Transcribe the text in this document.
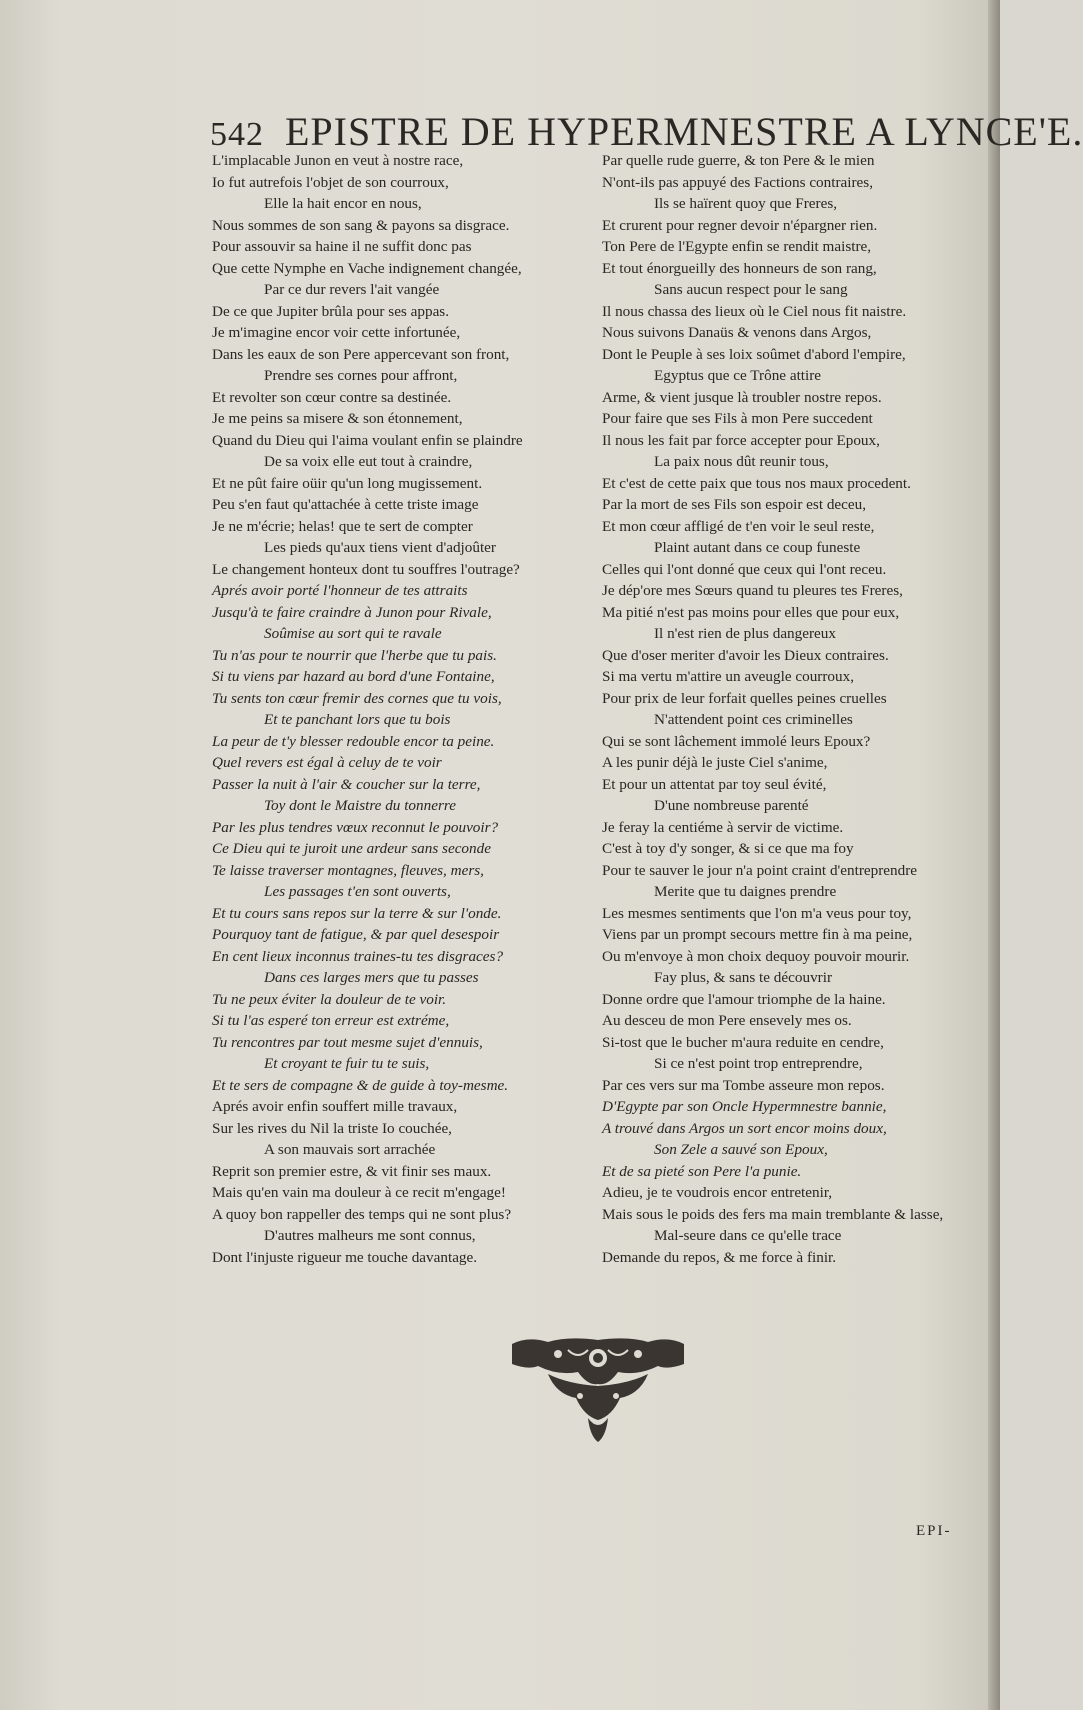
542 EPISTRE DE HYPERMNESTRE A LYNCE'E.
L'implacable Junon en veut à nostre race,
Io fut autrefois l'objet de son courroux,
Elle la hait encor en nous,
Nous sommes de son sang & payons sa disgrace.
Pour assouvir sa haine il ne suffit donc pas
Que cette Nymphe en Vache indignement changée,
Par ce dur revers l'ait vangée
De ce que Jupiter brûla pour ses appas.
Je m'imagine encor voir cette infortunée,
Dans les eaux de son Pere appercevant son front,
Prendre ses cornes pour affront,
Et revolter son cœur contre sa destinée.
Je me peins sa misere & son étonnement,
Quand du Dieu qui l'aima voulant enfin se plaindre
De sa voix elle eut tout à craindre,
Et ne pût faire oüir qu'un long mugissement.
Peu s'en faut qu'attachée à cette triste image
Je ne m'écrie; helas! que te sert de compter
Les pieds qu'aux tiens vient d'adjoûter
Le changement honteux dont tu souffres l'outrage?
Aprés avoir porté l'honneur de tes attraits
Jusqu'à te faire craindre à Junon pour Rivale,
Soûmise au sort qui te ravale
Tu n'as pour te nourrir que l'herbe que tu pais.
Si tu viens par hazard au bord d'une Fontaine,
Tu sents ton cœur fremir des cornes que tu vois,
Et te panchant lors que tu bois
La peur de t'y blesser redouble encor ta peine.
Quel revers est égal à celuy de te voir
Passer la nuit à l'air & coucher sur la terre,
Toy dont le Maistre du tonnerre
Par les plus tendres vœux reconnut le pouvoir?
Ce Dieu qui te juroit une ardeur sans seconde
Te laisse traverser montagnes, fleuves, mers,
Les passages t'en sont ouverts,
Et tu cours sans repos sur la terre & sur l'onde.
Pourquoy tant de fatigue, & par quel desespoir
En cent lieux inconnus traines-tu tes disgraces?
Dans ces larges mers que tu passes
Tu ne peux éviter la douleur de te voir.
Si tu l'as esperé ton erreur est extréme,
Tu rencontres par tout mesme sujet d'ennuis,
Et croyant te fuir tu te suis,
Et te sers de compagne & de guide à toy-mesme.
Aprés avoir enfin souffert mille travaux,
Sur les rives du Nil la triste Io couchée,
A son mauvais sort arrachée
Reprit son premier estre, & vit finir ses maux.
Mais qu'en vain ma douleur à ce recit m'engage!
A quoy bon rappeller des temps qui ne sont plus?
D'autres malheurs me sont connus,
Dont l'injuste rigueur me touche davantage.
Par quelle rude guerre, & ton Pere & le mien
N'ont-ils pas appuyé des Factions contraires,
Ils se haïrent quoy que Freres,
Et crurent pour regner devoir n'épargner rien.
Ton Pere de l'Egypte enfin se rendit maistre,
Et tout énorgueilly des honneurs de son rang,
Sans aucun respect pour le sang
Il nous chassa des lieux où le Ciel nous fit naistre.
Nous suivons Danaüs & venons dans Argos,
Dont le Peuple à ses loix soûmet d'abord l'empire,
Egyptus que ce Trône attire
Arme, & vient jusque là troubler nostre repos.
Pour faire que ses Fils à mon Pere succedent
Il nous les fait par force accepter pour Epoux,
La paix nous dût reunir tous,
Et c'est de cette paix que tous nos maux procedent.
Par la mort de ses Fils son espoir est deceu,
Et mon cœur affligé de t'en voir le seul reste,
Plaint autant dans ce coup funeste
Celles qui l'ont donné que ceux qui l'ont receu.
Je dép'ore mes Sœurs quand tu pleures tes Freres,
Ma pitié n'est pas moins pour elles que pour eux,
Il n'est rien de plus dangereux
Que d'oser meriter d'avoir les Dieux contraires.
Si ma vertu m'attire un aveugle courroux,
Pour prix de leur forfait quelles peines cruelles
N'attendent point ces criminelles
Qui se sont lâchement immolé leurs Epoux?
A les punir déjà le juste Ciel s'anime,
Et pour un attentat par toy seul évité,
D'une nombreuse parenté
Je feray la centiéme à servir de victime.
C'est à toy d'y songer, & si ce que ma foy
Pour te sauver le jour n'a point craint d'entreprendre
Merite que tu daignes prendre
Les mesmes sentiments que l'on m'a veus pour toy,
Viens par un prompt secours mettre fin à ma peine,
Ou m'envoye à mon choix dequoy pouvoir mourir.
Fay plus, & sans te découvrir
Donne ordre que l'amour triomphe de la haine.
Au desceu de mon Pere ensevely mes os.
Si-tost que le bucher m'aura reduite en cendre,
Si ce n'est point trop entreprendre,
Par ces vers sur ma Tombe asseure mon repos.
D'Egypte par son Oncle Hypermnestre bannie,
A trouvé dans Argos un sort encor moins doux,
Son Zele a sauvé son Epoux,
Et de sa pieté son Pere l'a punie.
Adieu, je te voudrois encor entretenir,
Mais sous le poids des fers ma main tremblante & lasse,
Mal-seure dans ce qu'elle trace
Demande du repos, & me force à finir.
EPI-
